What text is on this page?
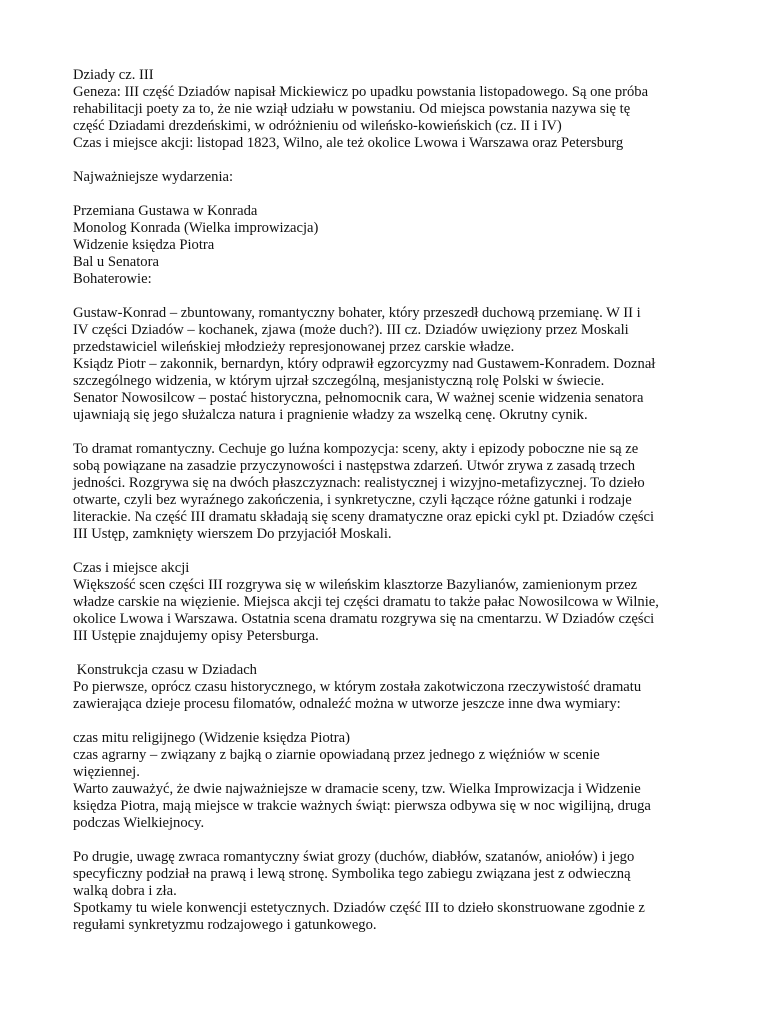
Dziady cz. III
Geneza: III część Dziadów napisał Mickiewicz po upadku powstania listopadowego. Są one próba
rehabilitacji poety za to, że nie wziął udziału w powstaniu. Od miejsca powstania nazywa się tę
część Dziadami drezdeńskimi, w odróżnieniu od wileńsko-kowieńskich (cz. II i IV)
Czas i miejsce akcji: listopad 1823, Wilno, ale też okolice Lwowa i Warszawa oraz Petersburg
Najważniejsze wydarzenia:
Przemiana Gustawa w Konrada
Monolog Konrada (Wielka improwizacja)
Widzenie księdza Piotra
Bal u Senatora
Bohaterowie:
Gustaw-Konrad – zbuntowany, romantyczny bohater, który przeszedł duchową przemianę. W II i
IV części Dziadów – kochanek, zjawa (może duch?). III cz. Dziadów uwięziony przez Moskali
przedstawiciel wileńskiej młodzieży represjonowanej przez carskie władze.
Ksiądz Piotr – zakonnik, bernardyn, który odprawił egzorcyzmy nad Gustawem-Konradem. Doznał
szczególnego widzenia, w którym ujrzał szczególną, mesjanistyczną rolę Polski w świecie.
Senator Nowosilcow – postać historyczna, pełnomocnik cara, W ważnej scenie widzenia senatora
ujawniają się jego służalcza natura i pragnienie władzy za wszelką cenę. Okrutny cynik.
To dramat romantyczny. Cechuje go luźna kompozycja: sceny, akty i epizody poboczne nie są ze
sobą powiązane na zasadzie przyczynowości i następstwa zdarzeń. Utwór zrywa z zasadą trzech
jedności. Rozgrywa się na dwóch płaszczyznach: realistycznej i wizyjno-metafizycznej. To dzieło
otwarte, czyli bez wyraźnego zakończenia, i synkretyczne, czyli łączące różne gatunki i rodzaje
literackie. Na część III dramatu składają się sceny dramatyczne oraz epicki cykl pt. Dziadów części
III Ustęp, zamknięty wierszem Do przyjaciół Moskali.
Czas i miejsce akcji
Większość scen części III rozgrywa się w wileńskim klasztorze Bazylianów, zamienionym przez
władze carskie na więzienie. Miejsca akcji tej części dramatu to także pałac Nowosilcowa w Wilnie,
okolice Lwowa i Warszawa. Ostatnia scena dramatu rozgrywa się na cmentarzu. W Dziadów części
III Ustępie znajdujemy opisy Petersburga.
Konstrukcja czasu w Dziadach
Po pierwsze, oprócz czasu historycznego, w którym została zakotwiczona rzeczywistość dramatu
zawierająca dzieje procesu filomatów, odnaleźć można w utworze jeszcze inne dwa wymiary:
czas mitu religijnego (Widzenie księdza Piotra)
czas agrarny – związany z bajką o ziarnie opowiadaną przez jednego z więźniów w scenie
więziennej.
Warto zauważyć, że dwie najważniejsze w dramacie sceny, tzw. Wielka Improwizacja i Widzenie
księdza Piotra, mają miejsce w trakcie ważnych świąt: pierwsza odbywa się w noc wigilijną, druga
podczas Wielkiejnocy.
Po drugie, uwagę zwraca romantyczny świat grozy (duchów, diabłów, szatanów, aniołów) i jego
specyficzny podział na prawą i lewą stronę. Symbolika tego zabiegu związana jest z odwieczną
walką dobra i zła.
Spotkamy tu wiele konwencji estetycznych. Dziadów część III to dzieło skonstruowane zgodnie z
regułami synkretyzmu rodzajowego i gatunkowego.
